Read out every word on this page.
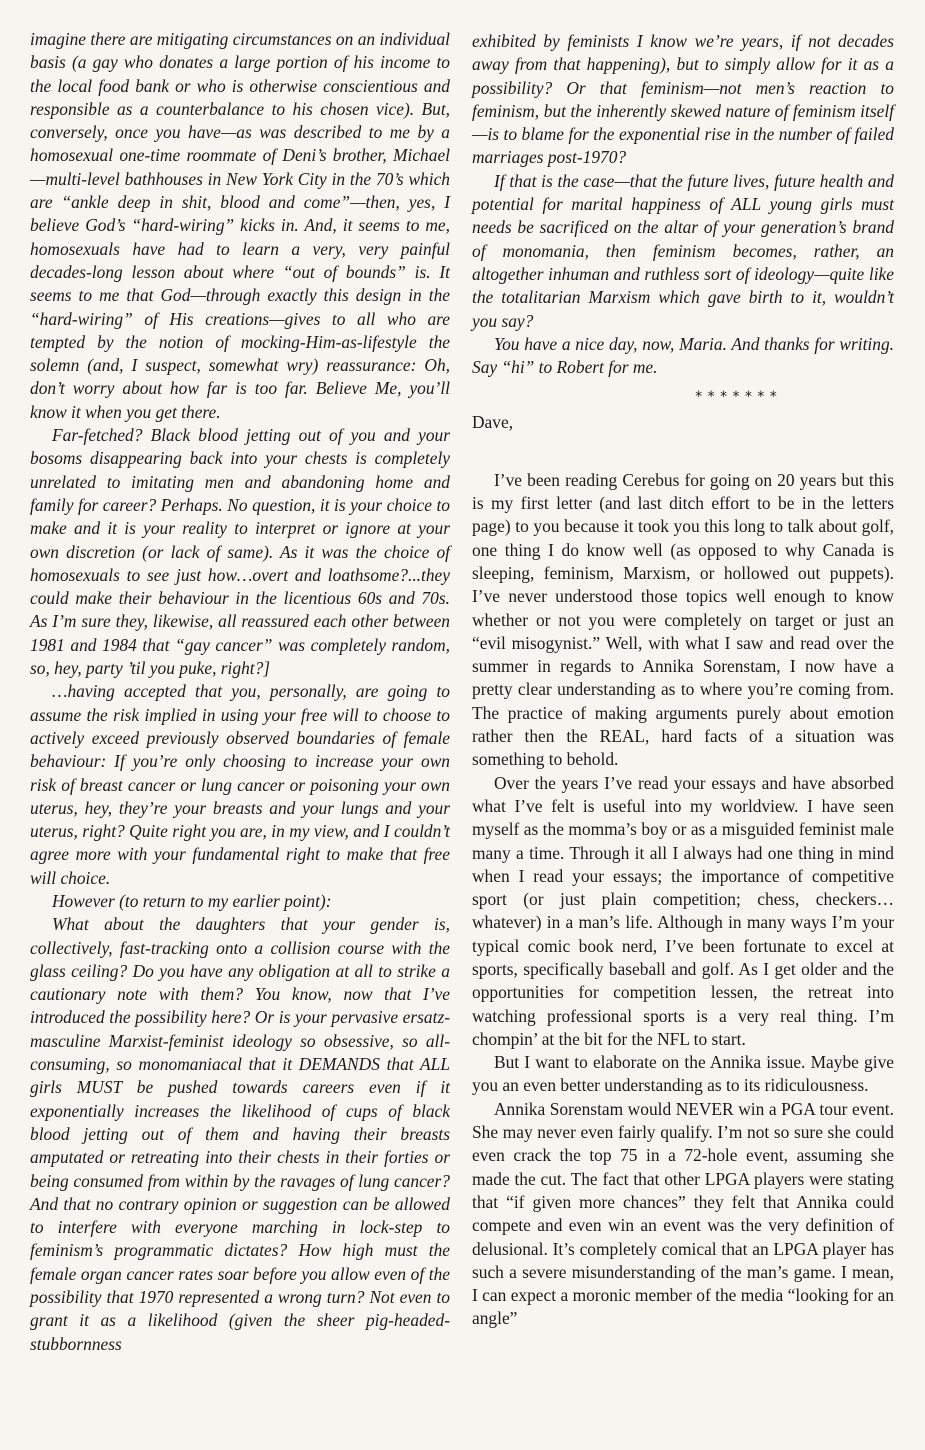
imagine there are mitigating circumstances on an individual basis (a gay who donates a large portion of his income to the local food bank or who is otherwise conscientious and responsible as a counterbalance to his chosen vice). But, conversely, once you have—as was described to me by a homosexual one-time roommate of Deni’s brother, Michael—multi-level bathhouses in New York City in the 70’s which are “ankle deep in shit, blood and come”—then, yes, I believe God’s “hard-wiring” kicks in. And, it seems to me, homosexuals have had to learn a very, very painful decades-long lesson about where “out of bounds” is. It seems to me that God—through exactly this design in the “hard-wiring” of His creations—gives to all who are tempted by the notion of mocking-Him-as-lifestyle the solemn (and, I suspect, somewhat wry) reassurance: Oh, don’t worry about how far is too far. Believe Me, you’ll know it when you get there.

Far-fetched? Black blood jetting out of you and your bosoms disappearing back into your chests is completely unrelated to imitating men and abandoning home and family for career? Perhaps. No question, it is your choice to make and it is your reality to interpret or ignore at your own discretion (or lack of same). As it was the choice of homosexuals to see just how…overt and loathsome?...they could make their behaviour in the licentious 60s and 70s. As I’m sure they, likewise, all reassured each other between 1981 and 1984 that “gay cancer” was completely random, so, hey, party ’til you puke, right?]

…having accepted that you, personally, are going to assume the risk implied in using your free will to choose to actively exceed previously observed boundaries of female behaviour: If you’re only choosing to increase your own risk of breast cancer or lung cancer or poisoning your own uterus, hey, they’re your breasts and your lungs and your uterus, right? Quite right you are, in my view, and I couldn’t agree more with your fundamental right to make that free will choice.

However (to return to my earlier point):

What about the daughters that your gender is, collectively, fast-tracking onto a collision course with the glass ceiling? Do you have any obligation at all to strike a cautionary note with them? You know, now that I’ve introduced the possibility here? Or is your pervasive ersatz-masculine Marxist-feminist ideology so obsessive, so all-consuming, so monomaniacal that it DEMANDS that ALL girls MUST be pushed towards careers even if it exponentially increases the likelihood of cups of black blood jetting out of them and having their breasts amputated or retreating into their chests in their forties or being consumed from within by the ravages of lung cancer? And that no contrary opinion or suggestion can be allowed to interfere with everyone marching in lock-step to feminism’s programmatic dictates? How high must the female organ cancer rates soar before you allow even of the possibility that 1970 represented a wrong turn? Not even to grant it as a likelihood (given the sheer pig-headed-stubbornness

exhibited by feminists I know we’re years, if not decades away from that happening), but to simply allow for it as a possibility? Or that feminism—not men’s reaction to feminism, but the inherently skewed nature of feminism itself—is to blame for the exponential rise in the number of failed marriages post-1970?

If that is the case—that the future lives, future health and potential for marital happiness of ALL young girls must needs be sacrificed on the altar of your generation’s brand of monomania, then feminism becomes, rather, an altogether inhuman and ruthless sort of ideology—quite like the totalitarian Marxism which gave birth to it, wouldn’t you say?

You have a nice day, now, Maria. And thanks for writing. Say “hi” to Robert for me.

*******

Dave,

I’ve been reading Cerebus for going on 20 years but this is my first letter (and last ditch effort to be in the letters page) to you because it took you this long to talk about golf, one thing I do know well (as opposed to why Canada is sleeping, feminism, Marxism, or hollowed out puppets). I’ve never understood those topics well enough to know whether or not you were completely on target or just an “evil misogynist.” Well, with what I saw and read over the summer in regards to Annika Sorenstam, I now have a pretty clear understanding as to where you’re coming from. The practice of making arguments purely about emotion rather then the REAL, hard facts of a situation was something to behold.

Over the years I’ve read your essays and have absorbed what I’ve felt is useful into my worldview. I have seen myself as the momma’s boy or as a misguided feminist male many a time. Through it all I always had one thing in mind when I read your essays; the importance of competitive sport (or just plain competition; chess, checkers… whatever) in a man’s life. Although in many ways I’m your typical comic book nerd, I’ve been fortunate to excel at sports, specifically baseball and golf. As I get older and the opportunities for competition lessen, the retreat into watching professional sports is a very real thing. I’m chompin’ at the bit for the NFL to start.

But I want to elaborate on the Annika issue. Maybe give you an even better understanding as to its ridiculousness.

Annika Sorenstam would NEVER win a PGA tour event. She may never even fairly qualify. I’m not so sure she could even crack the top 75 in a 72-hole event, assuming she made the cut. The fact that other LPGA players were stating that “if given more chances” they felt that Annika could compete and even win an event was the very definition of delusional. It’s completely comical that an LPGA player has such a severe misunderstanding of the man’s game. I mean, I can expect a moronic member of the media “looking for an angle”
